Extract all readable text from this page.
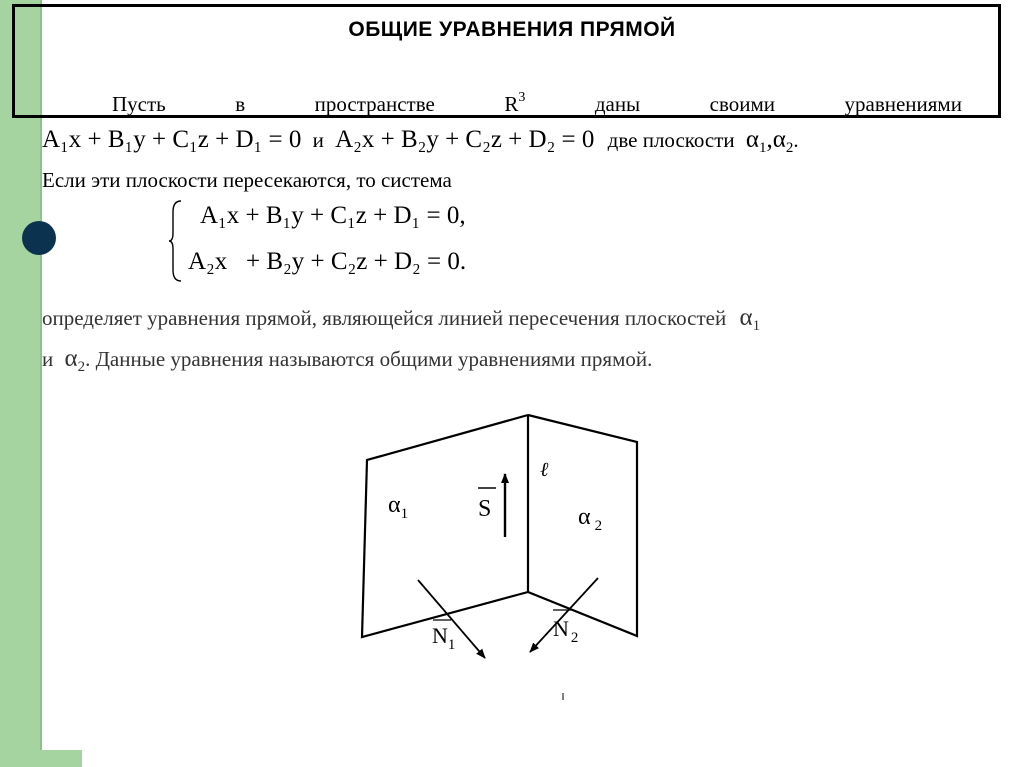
ОБЩИЕ УРАВНЕНИЯ ПРЯМОЙ
Пусть	в	пространстве	$R^3$	даны	своими	уравнениями
A₁x + B₁y + C₁z + D₁ = 0 и A₂x + B₂y + C₂z + D₂ = 0 две плоскости $\alpha_1,\alpha_2$.
Если эти плоскости пересекаются, то система
A₁x + B₁y + C₁z + D₁ = 0,
A₂x   + B₂y + C₂z + D₂ = 0.
определяет уравнения прямой, являющейся линией пересечения плоскостей $\alpha_1$
и $\alpha_2$. Данные уравнения называются общими уравнениями прямой.
S
ℓ
$\alpha_1$	α $_2$
$N_1$
N $_2$
